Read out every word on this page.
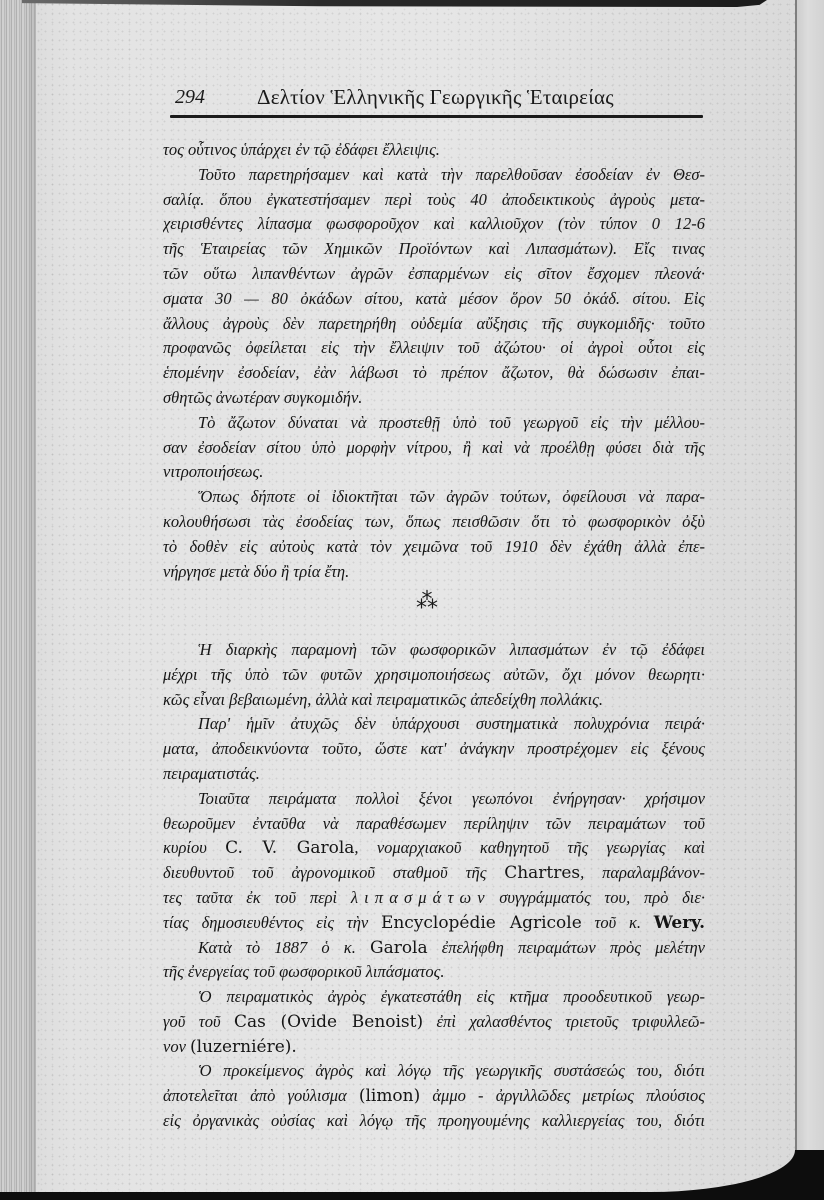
294 Δελτίον Ἑλληνικῆς Γεωργικῆς Ἑταιρείας
τος οὗτινος ὑπάρχει ἐν τῷ ἐδάφει ἔλλειψις.
Τοῦτο παρετηρήσαμεν καὶ κατὰ τὴν παρελθοῦσαν ἐσοδείαν ἐν Θεσ-
σαλίᾳ. ὅπου ἐγκατεστήσαμεν περὶ τοὺς 40 ἀποδεικτικοὺς ἀγροὺς μετα-
χειρισθέντες λίπασμα φωσφοροῦχον καὶ καλλιοῦχον (τὸν τύπον 0 12-6
τῆς Ἑταιρείας τῶν Χημικῶν Προϊόντων καὶ Λιπασμάτων). Εἴς τινας
τῶν οὕτω λιπανθέντων ἀγρῶν ἐσπαρμένων εἰς σῖτον ἔσχομεν πλεονά·
σματα 30 — 80 ὀκάδων σίτου, κατὰ μέσον ὅρον 50 ὀκάδ. σίτου. Εἰς
ἄλλους ἀγροὺς δὲν παρετηρήθη οὐδεμία αὔξησις τῆς συγκομιδῆς· τοῦτο
προφανῶς ὀφείλεται εἰς τὴν ἔλλειψιν τοῦ ἀζώτου· οἱ ἀγροὶ οὗτοι εἰς
ἑπομένην ἐσοδείαν, ἐὰν λάβωσι τὸ πρέπον ἄζωτον, θὰ δώσωσιν ἐπαι-
σθητῶς ἀνωτέραν συγκομιδήν.
Τὸ ἄζωτον δύναται νὰ προστεθῇ ὑπὸ τοῦ γεωργοῦ εἰς τὴν μέλλου-
σαν ἐσοδείαν σίτου ὑπὸ μορφὴν νίτρου, ἢ καὶ νὰ προέλθῃ φύσει διὰ τῆς
νιτροποιήσεως.
Ὅπως δήποτε οἱ ἰδιοκτῆται τῶν ἀγρῶν τούτων, ὀφείλουσι νὰ παρα-
κολουθήσωσι τὰς ἐσοδείας των, ὅπως πεισθῶσιν ὅτι τὸ φωσφορικὸν ὀξὺ
τὸ δοθὲν εἰς αὐτοὺς κατὰ τὸν χειμῶνα τοῦ 1910 δὲν ἐχάθη ἀλλὰ ἐπε-
νήργησε μετὰ δύο ἢ τρία ἔτη.
⁂
Ἡ διαρκὴς παραμονὴ τῶν φωσφορικῶν λιπασμάτων ἐν τῷ ἐδάφει
μέχρι τῆς ὑπὸ τῶν φυτῶν χρησιμοποιήσεως αὐτῶν, ὄχι μόνον θεωρητι·
κῶς εἶναι βεβαιωμένη, ἀλλὰ καὶ πειραματικῶς ἀπεδείχθη πολλάκις.
Παρ' ἡμῖν ἀτυχῶς δὲν ὑπάρχουσι συστηματικὰ πολυχρόνια πειρά·
ματα, ἀποδεικνύοντα τοῦτο, ὥστε κατ' ἀνάγκην προστρέχομεν εἰς ξένους
πειραματιστάς.
Τοιαῦτα πειράματα πολλοὶ ξένοι γεωπόνοι ἐνήργησαν· χρήσιμον
θεωροῦμεν ἐνταῦθα νὰ παραθέσωμεν περίληψιν τῶν πειραμάτων τοῦ
κυρίου C. V. Garola, νομαρχιακοῦ καθηγητοῦ τῆς γεωργίας καὶ
διευθυντοῦ τοῦ ἀγρονομικοῦ σταθμοῦ τῆς Chartres, παραλαμβάνον-
τες ταῦτα ἐκ τοῦ περὶ λ ι π α σ μ ά τ ω ν συγγράμματός του, πρὸ διε·
τίας δημοσιευθέντος εἰς τὴν Encyclopédie Agricole τοῦ κ. Wery.
Κατὰ τὸ 1887 ὁ κ. Garola ἐπελήφθη πειραμάτων πρὸς μελέτην
τῆς ἐνεργείας τοῦ φωσφορικοῦ λιπάσματος.
Ὁ πειραματικὸς ἀγρὸς ἐγκατεστάθη εἰς κτῆμα προοδευτικοῦ γεωρ-
γοῦ τοῦ Cas (Ovide Benoist) ἐπὶ χαλασθέντος τριετοῦς τριφυλλεῶ-
νον (luzerniére).
Ὁ προκείμενος ἀγρὸς καὶ λόγῳ τῆς γεωργικῆς συστάσεώς του, διότι
ἀποτελεῖται ἀπὸ γούλισμα (limon) ἀμμο - ἀργιλλῶδες μετρίως πλούσιος
εἰς ὀργανικὰς οὐσίας καὶ λόγῳ τῆς προηγουμένης καλλιεργείας του, διότι
